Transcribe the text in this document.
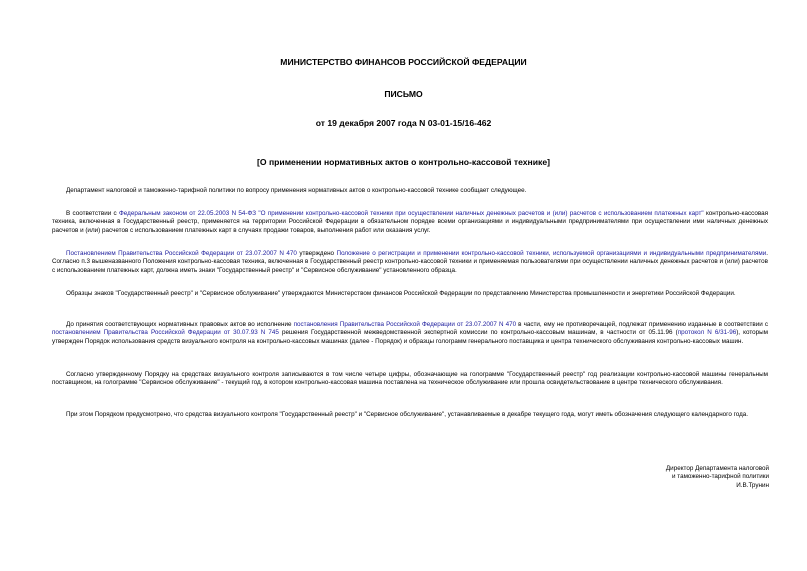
МИНИСТЕРСТВО ФИНАНСОВ РОССИЙСКОЙ ФЕДЕРАЦИИ
ПИСЬМО
от 19 декабря 2007 года N 03-01-15/16-462
[О применении нормативных актов о контрольно-кассовой технике]
Департамент налоговой и таможенно-тарифной политики по вопросу применения нормативных актов о контрольно-кассовой технике сообщает следующее.
В соответствии с Федеральным законом от 22.05.2003 N 54-ФЗ "О применении контрольно-кассовой техники при осуществлении наличных денежных расчетов и (или) расчетов с использованием платежных карт" контрольно-кассовая техника, включенная в Государственный реестр, применяется на территории Российской Федерации в обязательном порядке всеми организациями и индивидуальными предпринимателями при осуществлении ими наличных денежных расчетов и (или) расчетов с использованием платежных карт в случаях продажи товаров, выполнения работ или оказания услуг.
Постановлением Правительства Российской Федерации от 23.07.2007 N 470 утверждено Положение о регистрации и применении контрольно-кассовой техники, используемой организациями и индивидуальными предпринимателями. Согласно п.3 вышеназванного Положения контрольно-кассовая техника, включенная в Государственный реестр контрольно-кассовой техники и применяемая пользователями при осуществлении наличных денежных расчетов и (или) расчетов с использованием платежных карт, должна иметь знаки "Государственный реестр" и "Сервисное обслуживание" установленного образца.
Образцы знаков "Государственный реестр" и "Сервисное обслуживание" утверждаются Министерством финансов Российской Федерации по представлению Министерства промышленности и энергетики Российской Федерации.
До принятия соответствующих нормативных правовых актов во исполнение постановления Правительства Российской Федерации от 23.07.2007 N 470 в части, ему не противоречащей, подлежат применению изданные в соответствии с постановлением Правительства Российской Федерации от 30.07.93 N 745 решения Государственной межведомственной экспертной комиссии по контрольно-кассовым машинам, в частности от 05.11.96 (протокол N 6/31-96), которым утвержден Порядок использования средств визуального контроля на контрольно-кассовых машинах (далее - Порядок) и образцы голограмм генерального поставщика и центра технического обслуживания контрольно-кассовых машин.
Согласно утвержденному Порядку на средствах визуального контроля записываются в том числе четыре цифры, обозначающие на голограмме "Государственный реестр" год реализации контрольно-кассовой машины генеральным поставщиком, на голограмме "Сервисное обслуживание" - текущий год, в котором контрольно-кассовая машина поставлена на техническое обслуживание или прошла освидетельствование в центре технического обслуживания.
При этом Порядком предусмотрено, что средства визуального контроля "Государственный реестр" и "Сервисное обслуживание", устанавливаемые в декабре текущего года, могут иметь обозначения следующего календарного года.
Директор Департамента налоговой
и таможенно-тарифной политики
И.В.Трунин
